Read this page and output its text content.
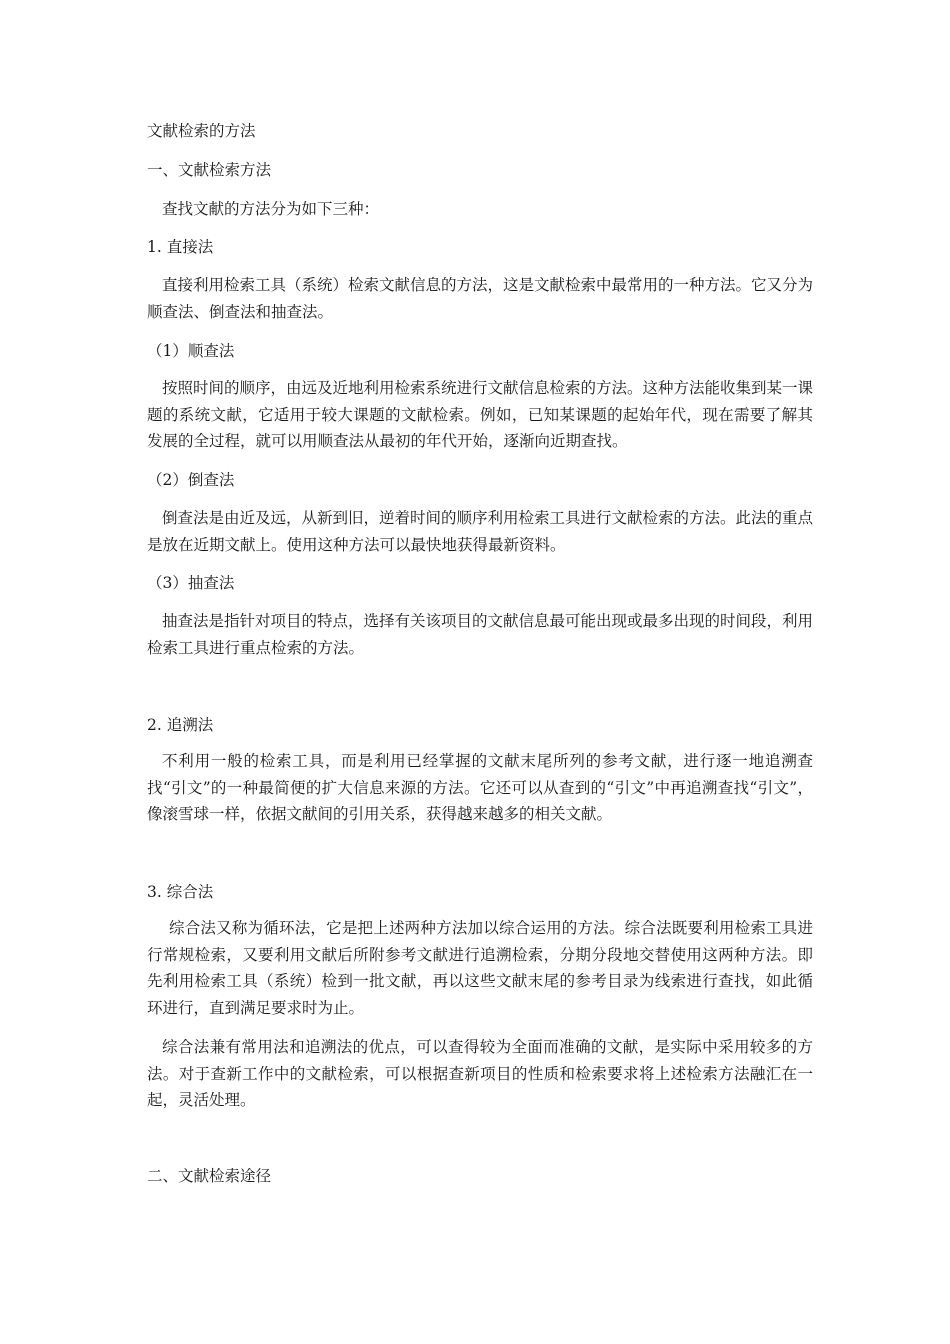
文献检索的方法
一、文献检索方法
查找文献的方法分为如下三种：
1. 直接法
直接利用检索工具（系统）检索文献信息的方法，这是文献检索中最常用的一种方法。它又分为顺查法、倒查法和抽查法。
（1）顺查法
按照时间的顺序，由远及近地利用检索系统进行文献信息检索的方法。这种方法能收集到某一课题的系统文献，它适用于较大课题的文献检索。例如，已知某课题的起始年代，现在需要了解其发展的全过程，就可以用顺查法从最初的年代开始，逐渐向近期查找。
（2）倒查法
倒查法是由近及远，从新到旧，逆着时间的顺序利用检索工具进行文献检索的方法。此法的重点是放在近期文献上。使用这种方法可以最快地获得最新资料。
（3）抽查法
抽查法是指针对项目的特点，选择有关该项目的文献信息最可能出现或最多出现的时间段，利用检索工具进行重点检索的方法。
2. 追溯法
不利用一般的检索工具，而是利用已经掌握的文献末尾所列的参考文献，进行逐一地追溯查找“引文”的一种最简便的扩大信息来源的方法。它还可以从查到的“引文”中再追溯查找“引文”，像滚雪球一样，依据文献间的引用关系，获得越来越多的相关文献。
3. 综合法
综合法又称为循环法，它是把上述两种方法加以综合运用的方法。综合法既要利用检索工具进行常规检索，又要利用文献后所附参考文献进行追溯检索，分期分段地交替使用这两种方法。即先利用检索工具（系统）检到一批文献，再以这些文献末尾的参考目录为线索进行查找，如此循环进行，直到满足要求时为止。
综合法兼有常用法和追溯法的优点，可以查得较为全面而准确的文献，是实际中采用较多的方法。对于查新工作中的文献检索，可以根据查新项目的性质和检索要求将上述检索方法融汇在一起，灵活处理。
二、文献检索途径
